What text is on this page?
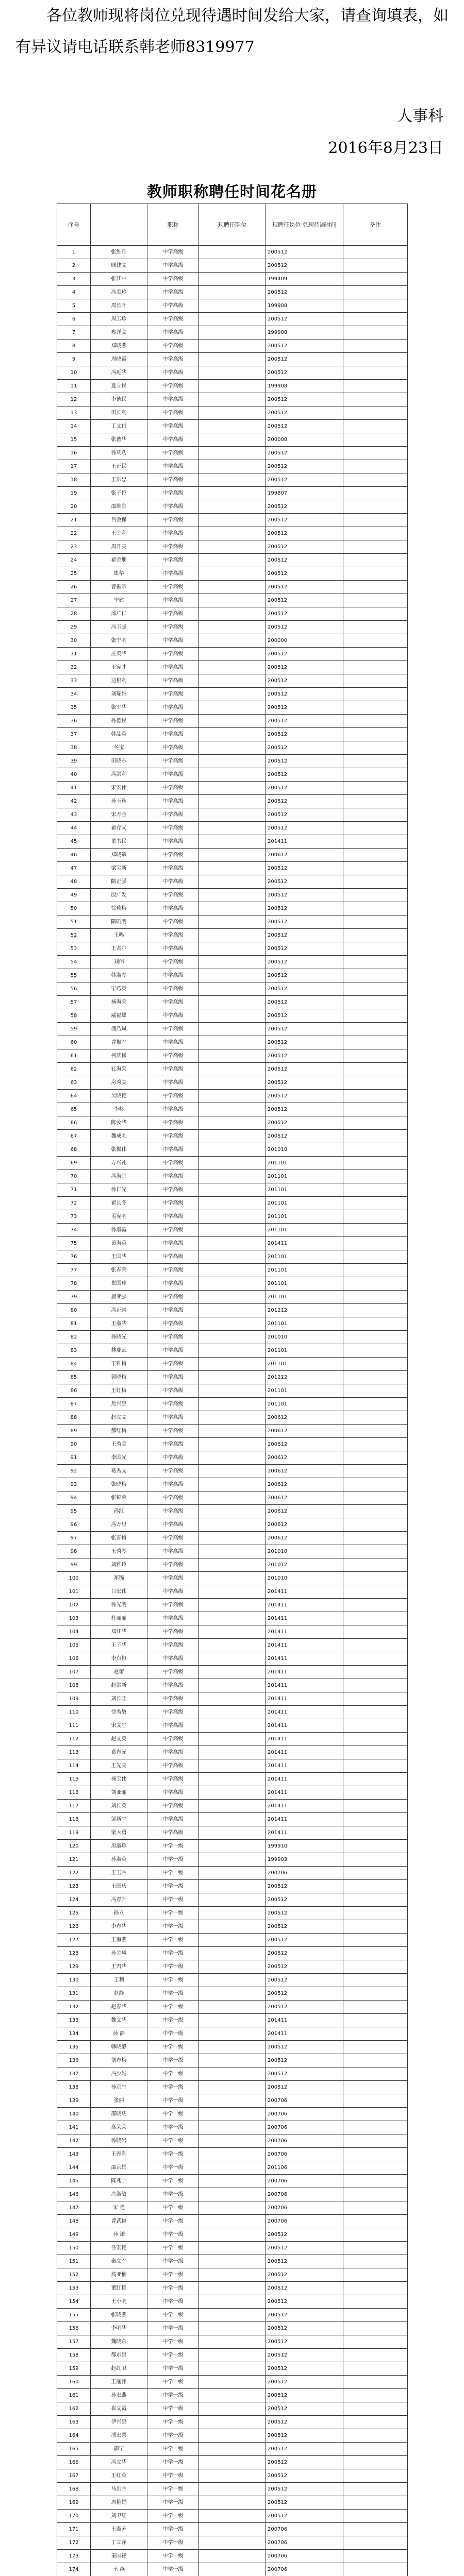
各位教师现将岗位兑现待遇时间发给大家，请查询填表，如有异议请电话联系韩老师8319977

人事科
2016年8月23日
教师职称聘任时间花名册
序号		职称	现聘任职位	现聘任岗位 兑现待遇时间	备注
1	张维雅	中学高级		200512	
2	顾建文	中学高级		200512	
3	张江中	中学高级		199409	
4	冯美玲	中学高级		200512	
5	周长叶	中学高级		199908	
6	周玉珍	中学高级		200512	
7	郑洋文	中学高级		199908	
8	郑晓燕	中学高级		200512	
9	周晓霞	中学高级		200512	
10	冯近华	中学高级		200512	
11	夏立民	中学高级		199908	
12	李德民	中学高级		200512	
13	田长利	中学高级		200512	
14	丁文付	中学高级		200512	
15	张德华	中学高级		200008	
16	孙庆功	中学高级		200512	
17	王正民	中学高级		200512	
18	王洪忠	中学高级		200512	
19	张子位	中学高级		199807	
20	邵维东	中学高级		200512	
21	吕金保	中学高级		200512	
22	王金利	中学高级		200512	
23	周开亮	中学高级		200512	
24	翟金朋	中学高级		200512	
25	崔华	中学高级		200512	
26	曹振宗	中学高级		200512	
27	宁建	中学高级		200512	
28	邱广仁	中学高级		200512	
29	冯玉强	中学高级		200512	
30	张宁明	中学高级		200000	
31	庄英华	中学高级		200512	
32	王宪才	中学高级		200512	
33	边根利	中学高级		200512	
34	刘瑞娟	中学高级		200512	
35	张军华	中学高级		200512	
36	孙德民	中学高级		200512	
37	韩晶英	中学高级		200512	
38	冬宝	中学高级		200512	
39	田晓东	中学高级		200512	
40	冯洪利	中学高级		200512	
41	宋宏伟	中学高级		200512	
42	孙玉秋	中学高级		200512	
43	宋万金	中学高级		200512	
44	翟存义	中学高级		200512	
45	董书民	中学高级		201411	
46	郑晓斌	中学高级		200612	
47	梁宝新	中学高级		200512	
48	隋正强	中学高级		200512	
49	殷广发	中学高级		200512	
50	徐雅梅	中学高级		200512	
51	隋昕明	中学高级		200512	
52	王鸣	中学高级		200512	
53	王者尔	中学高级		200512	
54	刘伟	中学高级		200512	
55	韩淑琴	中学高级		200512	
56	宁巧英	中学高级		200512	
57	杨海荣	中学高级		200512	
58	威福蝶	中学高级		200512	
59	盛乃岚	中学高级		200512	
60	曹振军	中学高级		200512	
61	柯庆修	中学高级		200512	
62	孔海荣	中学高级		200512	
63	房秀美	中学高级		200512	
64	吴晓艳	中学高级		200512	
65	李杉	中学高级		200512	
66	陈汝华	中学高级		200512	
67	魏成刚	中学高级		200512	
68	张振伟	中学高级		201010	
69	方兴礼	中学高级		201101	
70	冯海宗	中学高级		201101	
71	孙仁光	中学高级		201101	
72	翟长冬	中学高级		201101	
73	孟宪明	中学高级		201101	
74	孙淑霞	中学高级		201101	
75	黄海英	中学高级		201411	
76	王国华	中学高级		201101	
77	张春荣	中学高级		201101	
78	崔国珍	中学高级		201101	
79	唐亚强	中学高级		201101	
80	冯正喜	中学高级		201212	
81	王淑华	中学高级		201101	
82	孙晓光	中学高级		201010	
83	林瑞云	中学高级		201101	
84	丁雅梅	中学高级		201101	
85	郭晓梅	中学高级		201212	
86	王红梅	中学高级		201101	
87	焦兴泉	中学高级		201101	
88	赵立文	中学高级		200612	
89	郝红梅	中学高级		200612	
90	王秀美	中学高级		200612	
91	李国光	中学高级		200612	
92	葛秀文	中学高级		200612	
93	张晓梅	中学高级		200612	
94	张锦荣	中学高级		200612	
95	孙红	中学高级		200612	
96	冯万里	中学高级		200612	
97	张春梅	中学高级		200612	
98	王秀琴	中学高级		201010	
99	刘雅玲	中学高级		201012	
100	郑锦	中学高级		201010	
101	吕宏伟	中学高级		201411	
102	孙光明	中学高级		201411	
103	杜丽丽	中学高级		201411	
104	郑江华	中学高级		201411	
105	王子华	中学高级		201411	
106	李有恒	中学高级		201411	
107	赵蕾	中学高级		201411	
108	赵洪新	中学高级		201411	
109	刘长旺	中学高级		201411	
110	徐秀敏	中学高级		201411	
111	宋文生	中学高级		201411	
112	赵文英	中学高级		201411	
113	葛春光	中学高级		201411	
114	王先亮	中学高级		201411	
115	杨宝伟	中学高级		201411	
116	刘亚丽	中学高级		201411	
117	刘长英	中学高级		201411	
118	邹新生	中学高级		201411	
119	梁大勇	中学高级		201411	
120	房淑珍	中学一级		199910	
121	孙淑英	中学一级		199903	
122	王玉兰	中学一级		200706	
123	王国庆	中学一级		200512	
124	冯春升	中学一级		200512	
125	孙立	中学一级		200512	
126	李春华	中学一级		200512	
127	王海燕	中学一级		200512	
128	孙金凤	中学一级		200512	
129	王君华	中学一级		200512	
130	王利	中学一级		200512	
131	赵静	中学一级		200512	
132	赵春华	中学一级		200512	
133	魏文华	中学一级		201411	
134	孙 静	中学一级		201411	
135	韩晓静	中学一级		200512	
136	刘春梅	中学一级		200512	
137	冯少娟	中学一级		200512	
138	孙京生	中学一级		200512	
139	张丽	中学一级		200706	
140	邵晓庆	中学一级		200706	
141	高荣荣	中学一级		200706	
142	孙晓岩	中学一级		200706	
143	王春利	中学一级		200706	
144	邵京娟	中学一级		201106	
145	陈兆宁	中学一级		200706	
146	庄淑敏	中学一级		200706	
147	宋 艳	中学一级		200706	
148	曹武谦	中学一级		200706	
149	孙 谦	中学一级		200512	
150	任宏艳	中学一级		200512	
151	秦立军	中学一级		200512	
152	高亚楠	中学一级		200512	
153	董红艳	中学一级		200512	
154	王小明	中学一级		200512	
155	张晓燕	中学一级		200512	
156	李明华	中学一级		200512	
157	魏晓东	中学一级		200512	
158	郝东泉	中学一级		200512	
159	赵红卫	中学一级		200512	
160	王丽萍	中学一级		200512	
161	孙宏燕	中学一级		200512	
162	崔文霞	中学一级		200512	
163	伊兴泉	中学一级		200512	
164	潘宏景	中学一级		200512	
165	郭宁	中学一级		200512	
166	冯立华	中学一级		200512	
167	王红英	中学一级		200512	
168	马洪兰	中学一级		200512	
169	周艳娟	中学一级		200512	
170	刘卫红	中学一级		200512	
171	王淑芳	中学一级		200706	
172	丁立萍	中学一级		200706	
173	秦国锋	中学一级		200706	
174	王 燕	中学一级		200706	
